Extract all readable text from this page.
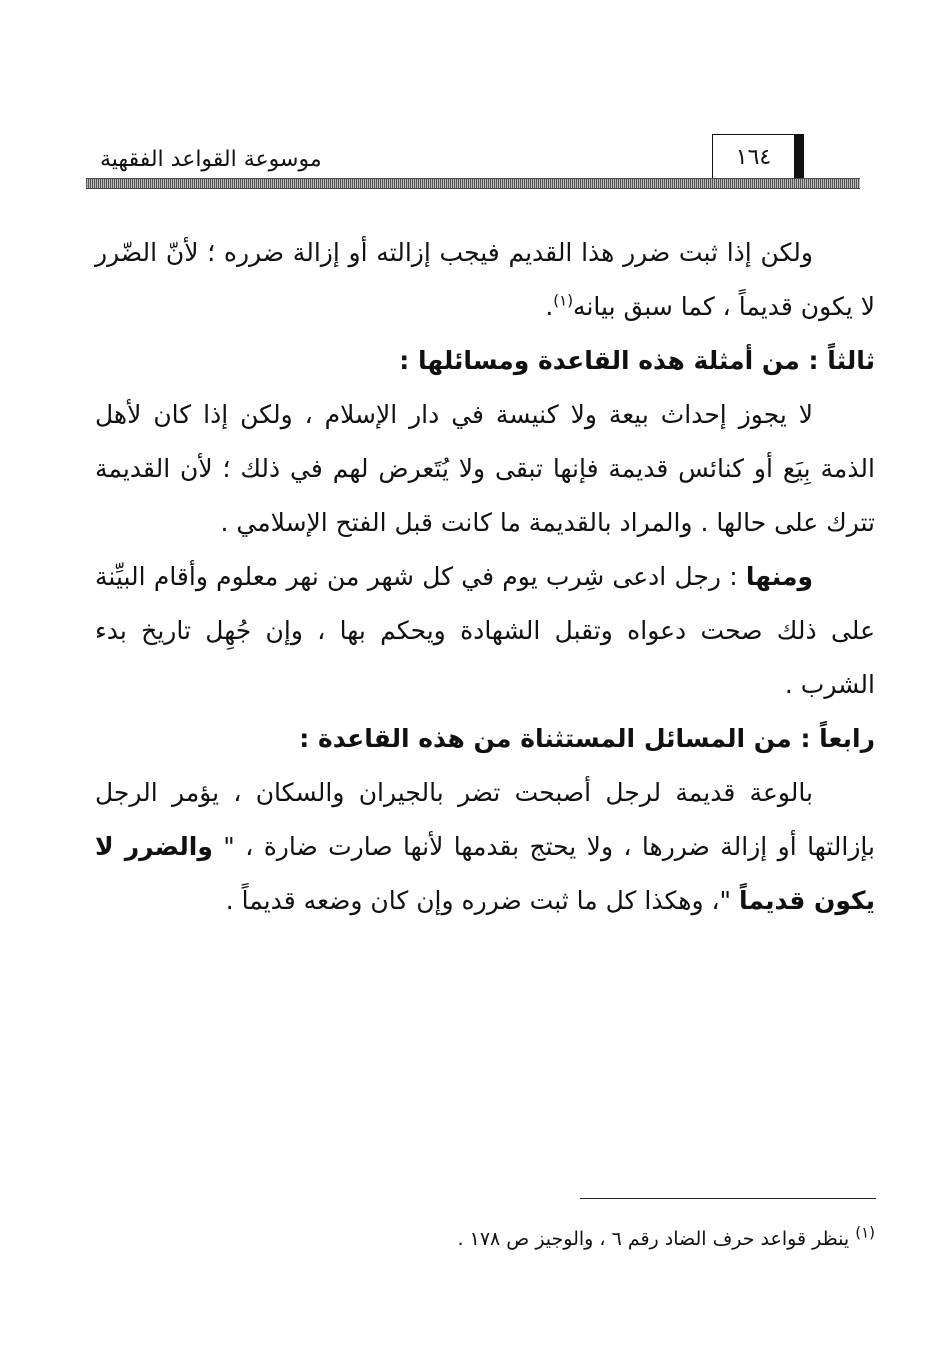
موسوعة القواعد الفقهية	١٦٤

ولكن إذا ثبت ضرر هذا القديم فيجب إزالته أو إزالة ضرره ؛ لأنّ الضّرر لا يكون قديماً ، كما سبق بيانه$^{(١)}$.

ثالثاً : من أمثلة هذه القاعدة ومسائلها :

لا يجوز إحداث بيعة ولا كنيسة في دار الإسلام ، ولكن إذا كان لأهل الذمة بِيَع أو كنائس قديمة فإنها تبقى ولا يُتَعرض لهم في ذلك ؛ لأن القديمة تترك على حالها . والمراد بالقديمة ما كانت قبل الفتح الإسلامي .

ومنها : رجل ادعى شِرب يوم في كل شهر من نهر معلوم وأقام البيِّنة على ذلك صحت دعواه وتقبل الشهادة ويحكم بها ، وإن جُهِل تاريخ بدء الشرب .

رابعاً : من المسائل المستثناة من هذه القاعدة :

بالوعة قديمة لرجل أصبحت تضر بالجيران والسكان ، يؤمر الرجل بإزالتها أو إزالة ضررها ، ولا يحتج بقدمها لأنها صارت ضارة ، " والضرر لا يكون قديماً "، وهكذا كل ما ثبت ضرره وإن كان وضعه قديماً .

$^{(١)}$ ينظر قواعد حرف الضاد رقم ٦ ، والوجيز ص ١٧٨ .
